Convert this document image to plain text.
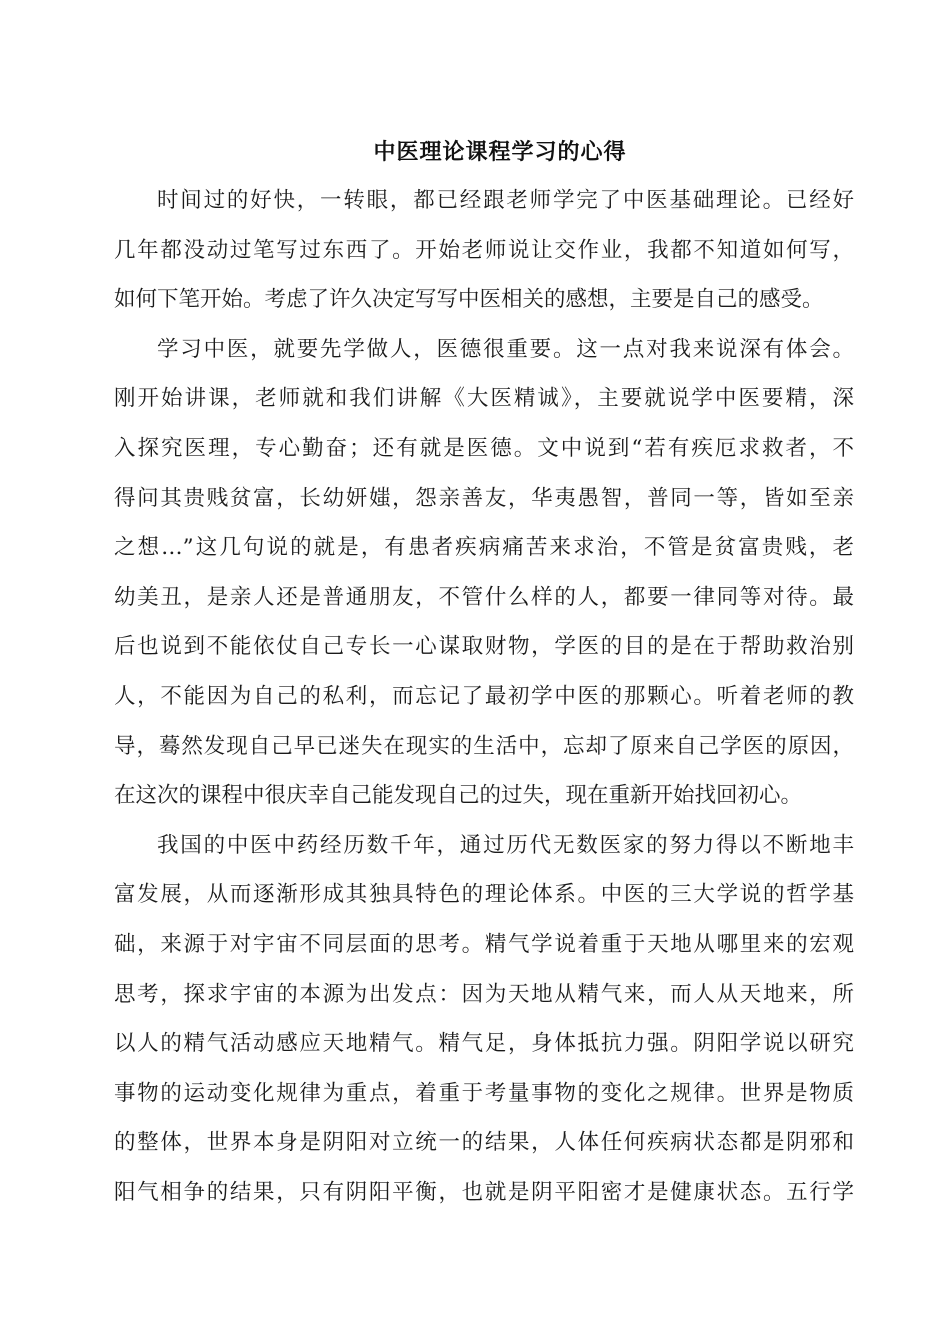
中医理论课程学习的心得
时间过的好快，一转眼，都已经跟老师学完了中医基础理论。已经好
几年都没动过笔写过东西了。开始老师说让交作业，我都不知道如何写，
如何下笔开始。考虑了许久决定写写中医相关的感想，主要是自己的感受。
学习中医，就要先学做人，医德很重要。这一点对我来说深有体会。
刚开始讲课，老师就和我们讲解《大医精诚》，主要就说学中医要精，深
入探究医理，专心勤奋；还有就是医德。文中说到“若有疾厄求救者，不
得问其贵贱贫富，长幼妍媸，怨亲善友，华夷愚智，普同一等，皆如至亲
之想…”这几句说的就是，有患者疾病痛苦来求治，不管是贫富贵贱，老
幼美丑，是亲人还是普通朋友，不管什么样的人，都要一律同等对待。最
后也说到不能依仗自己专长一心谋取财物，学医的目的是在于帮助救治别
人，不能因为自己的私利，而忘记了最初学中医的那颗心。听着老师的教
导，蓦然发现自己早已迷失在现实的生活中，忘却了原来自己学医的原因，
在这次的课程中很庆幸自己能发现自己的过失，现在重新开始找回初心。
我国的中医中药经历数千年，通过历代无数医家的努力得以不断地丰
富发展，从而逐渐形成其独具特色的理论体系。中医的三大学说的哲学基
础，来源于对宇宙不同层面的思考。精气学说着重于天地从哪里来的宏观
思考，探求宇宙的本源为出发点：因为天地从精气来，而人从天地来，所
以人的精气活动感应天地精气。精气足，身体抵抗力强。阴阳学说以研究
事物的运动变化规律为重点，着重于考量事物的变化之规律。世界是物质
的整体，世界本身是阴阳对立统一的结果，人体任何疾病状态都是阴邪和
阳气相争的结果，只有阴阳平衡，也就是阴平阳密才是健康状态。五行学
